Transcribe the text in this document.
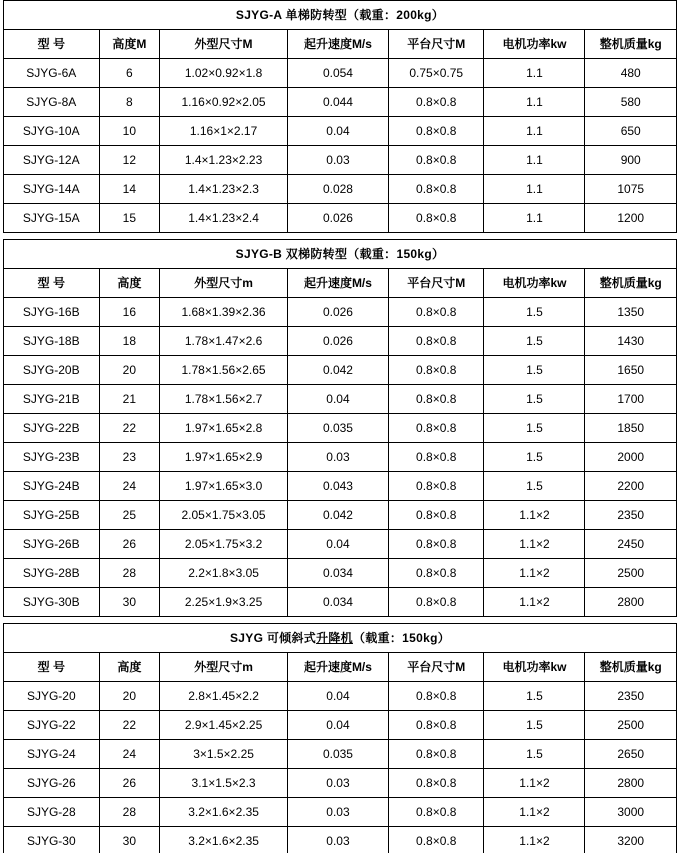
SJYG-A 单梯防转型（载重：200kg）						
型 号	高度M	外型尺寸M	起升速度M/s	平台尺寸M	电机功率kw	整机质量kg
SJYG-6A	6	1.02×0.92×1.8	0.054	0.75×0.75	1.1	480
SJYG-8A	8	1.16×0.92×2.05	0.044	0.8×0.8	1.1	580
SJYG-10A	10	1.16×1×2.17	0.04	0.8×0.8	1.1	650
SJYG-12A	12	1.4×1.23×2.23	0.03	0.8×0.8	1.1	900
SJYG-14A	14	1.4×1.23×2.3	0.028	0.8×0.8	1.1	1075
SJYG-15A	15	1.4×1.23×2.4	0.026	0.8×0.8	1.1	1200
SJYG-B 双梯防转型（载重：150kg）						
型 号	高度	外型尺寸m	起升速度M/s	平台尺寸M	电机功率kw	整机质量kg
SJYG-16B	16	1.68×1.39×2.36	0.026	0.8×0.8	1.5	1350
SJYG-18B	18	1.78×1.47×2.6	0.026	0.8×0.8	1.5	1430
SJYG-20B	20	1.78×1.56×2.65	0.042	0.8×0.8	1.5	1650
SJYG-21B	21	1.78×1.56×2.7	0.04	0.8×0.8	1.5	1700
SJYG-22B	22	1.97×1.65×2.8	0.035	0.8×0.8	1.5	1850
SJYG-23B	23	1.97×1.65×2.9	0.03	0.8×0.8	1.5	2000
SJYG-24B	24	1.97×1.65×3.0	0.043	0.8×0.8	1.5	2200
SJYG-25B	25	2.05×1.75×3.05	0.042	0.8×0.8	1.1×2	2350
SJYG-26B	26	2.05×1.75×3.2	0.04	0.8×0.8	1.1×2	2450
SJYG-28B	28	2.2×1.8×3.05	0.034	0.8×0.8	1.1×2	2500
SJYG-30B	30	2.25×1.9×3.25	0.034	0.8×0.8	1.1×2	2800
SJYG 可倾斜式升降机（载重：150kg）						
型 号	高度	外型尺寸m	起升速度M/s	平台尺寸M	电机功率kw	整机质量kg
SJYG-20	20	2.8×1.45×2.2	0.04	0.8×0.8	1.5	2350
SJYG-22	22	2.9×1.45×2.25	0.04	0.8×0.8	1.5	2500
SJYG-24	24	3×1.5×2.25	0.035	0.8×0.8	1.5	2650
SJYG-26	26	3.1×1.5×2.3	0.03	0.8×0.8	1.1×2	2800
SJYG-28	28	3.2×1.6×2.35	0.03	0.8×0.8	1.1×2	3000
SJYG-30	30	3.2×1.6×2.35	0.03	0.8×0.8	1.1×2	3200
